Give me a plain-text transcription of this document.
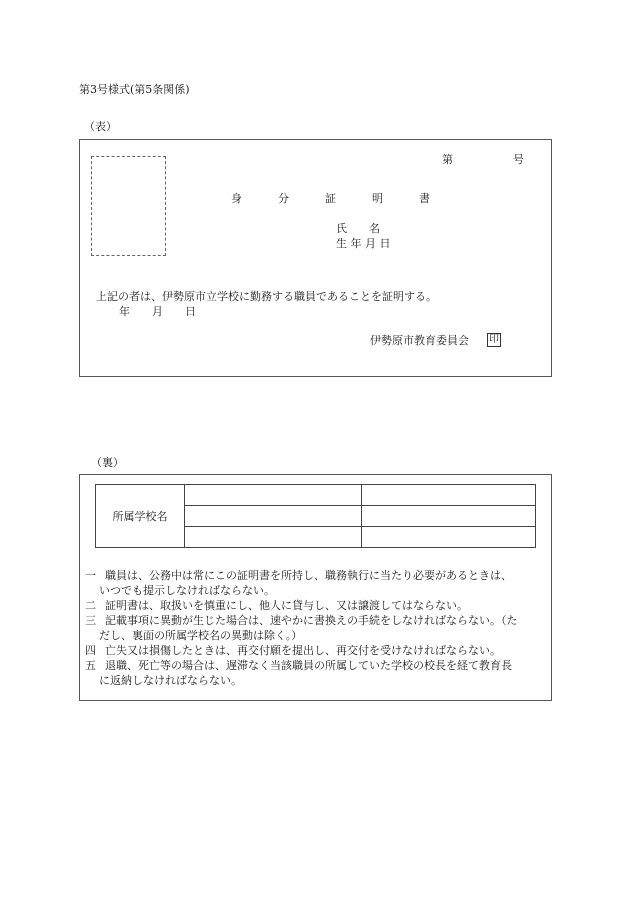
第3号様式(第5条関係)
（表）
第	号
身	分	証	明	書
氏　　名
生 年 月 日
上記の者は、伊勢原市立学校に勤務する職員であることを証明する。
年　　月　　日
伊勢原市教育委員会 印
（裏）
所属学校名		

一 職員は、公務中は常にこの証明書を所持し、職務執行に当たり必要があるときは、
いつでも提示しなければならない。
二 証明書は、取扱いを慎重にし、他人に貸与し、又は譲渡してはならない。
三 記載事項に異動が生じた場合は、速やかに書換えの手続をしなければならない。（た
だし、裏面の所属学校名の異動は除く。）
四 亡失又は損傷したときは、再交付願を提出し、再交付を受けなければならない。
五 退職、死亡等の場合は、遅滞なく当該職員の所属していた学校の校長を経て教育長
に返納しなければならない。
